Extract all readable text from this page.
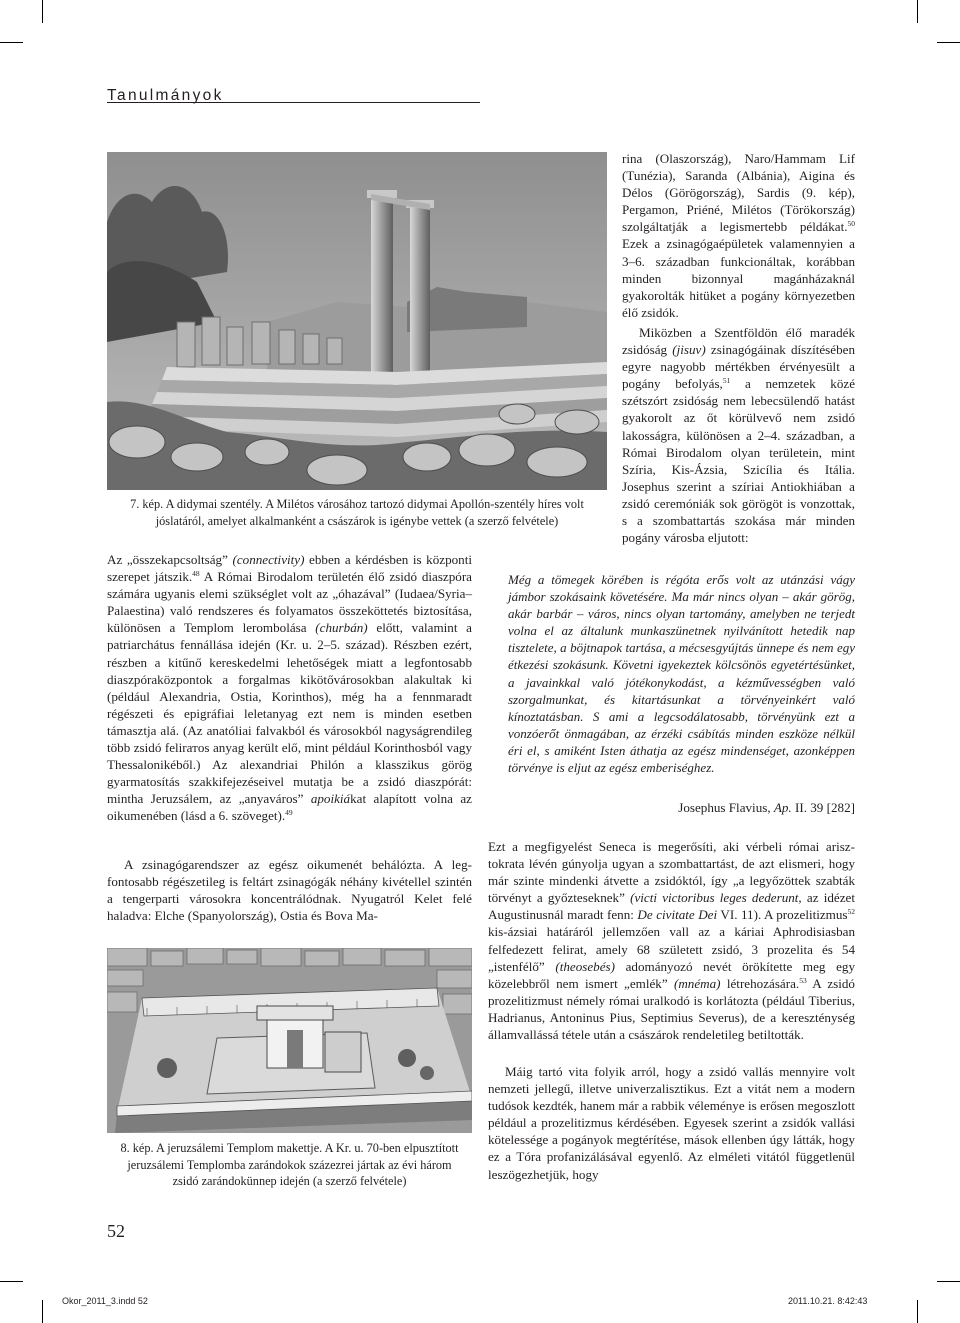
Tanulmányok
7. kép. A didymai szentély. A Milétos városához tartozó didymai Apollón-szentély híres volt
jóslatáról, amelyet alkalmanként a császárok is igénybe vettek (a szerző felvétele)
rina (Olaszország), Naro/Hammam Lif (Tunézia), Saranda (Albánia), Aigina és Délos (Görögország), Sardis (9. kép), Pergamon, Priéné, Milétos (Törökország) szolgáltatják a legismertebb példákat.$^{50}$ Ezek a zsinagógaépületek valamennyien a 3–6. században funkcionáltak, korábban minden bizonnyal magánházaknál gyakorolták hitüket a pogány környezetben élő zsidók.
Miközben a Szentföldön élő maradék zsidóság (jisuv) zsinagógáinak díszítésében egyre nagyobb mértékben érvényesült a pogány befolyás,$^{51}$ a nemzetek közé szétszórt zsidóság nem lebecsülendő hatást gyakorolt az őt körülvevő nem zsidó lakosságra, különösen a 2–4. században, a Római Birodalom olyan területein, mint Szíria, Kis-Ázsia, Szicília és Itália. Josephus szerint a szíriai Antiokhiában a zsidó ceremóniák sok görögöt is vonzottak, s a szombattartás szokása már minden pogány városba eljutott:
Az „összekapcsoltság” (connectivity) ebben a kérdésben is központi szerepet játszik.$^{48}$ A Római Birodalom területén élő zsidó diaszpóra számára ugyanis elemi szükséglet volt az „óhazával” (Iudaea/Syria–Palaestina) való rendszeres és folyamatos összeköttetés biztosítása, különösen a Templom lerombolása (churbán) előtt, valamint a patriarchátus fennállása idején (Kr. u. 2–5. század). Részben ezért, részben a kitűnő kereskedelmi lehetőségek miatt a legfontosabb diaszpóraközpontok a forgalmas kikötővárosokban alakultak ki (például Alexandria, Ostia, Korinthos), még ha a fennmaradt régészeti és epigráfiai leletanyag ezt nem is minden esetben támasztja alá. (Az anatóliai falvakból és városokból nagyságrendileg több zsidó felirатos anyag került elő, mint például Korinthosból vagy Thessalonikéből.) Az alexandriai Philón a klasszikus görög gyarmatosítás szakkifejezéseivel mutatja be a zsidó diaszpórát: mintha Jeruzsálem, az „anyaváros” apoikiákat alapított volna az oikumenében (lásd a 6. szöveget).$^{49}$
A zsinagógarendszer az egész oikumenét behálózta. A legfontosabb régészetileg is feltárt zsinagógák néhány kivétellel szintén a tengerparti városokra koncentrálódnak. Nyugatról Kelet felé haladva: Elche (Spanyolország), Ostia és Bova Ma-
Még a tömegek körében is régóta erős volt az utánzási vágy jámbor szokásaink követésére. Ma már nincs olyan – akár görög, akár barbár – város, nincs olyan tartomány, amelyben ne terjedt volna el az általunk munkaszünetnek nyilvánított hetedik nap tisztelete, a böjtnapok tartása, a mécsesgyújtás ünnepe és nem egy étkezési szokásunk. Követni igyekeztek kölcsönös egyetértésünket, a javainkkal való jótékonykodást, a kézművességben való szorgalmunkat, és kitartásunkat a törvényeinkért való kínoztatásban. S ami a legcsodálatosabb, törvényünk ezt a vonzóerőt önmagában, az érzéki csábítás minden eszköze nélkül éri el, s amiként Isten áthatja az egész mindenséget, azonképpen törvénye is eljut az egész emberiséghez.
Josephus Flavius, Ap. II. 39 [282]
8. kép. A jeruzsálemi Templom makettje. A Kr. u. 70-ben elpusztított
jeruzsálemi Templomba zarándokok százezrei jártak az évi három
zsidó zarándokünnep idején (a szerző felvétele)
Ezt a megfigyelést Seneca is megerősíti, aki vérbeli római arisztokrata lévén gúnyolja ugyan a szombattartást, de azt elismeri, hogy már szinte mindenki átvette a zsidóktól, így „a legyőzöttek szabták törvényt a győzteseknek” (victi victoribus leges dederunt, az idézet Augustinusnál maradt fenn: De civitate Dei VI. 11). A prozelitizmus$^{52}$ kis-ázsiai határáról jellemzően vall az a káriai Aphrodisiasban felfedezett felirat, amely 68 született zsidó, 3 prozelita és 54 „istenfélő” (theosebés) adományozó nevét örökítette meg egy közelebbről nem ismert „emlék” (mnéma) létrehozására.$^{53}$ A zsidó prozelitizmust némely római uralkodó is korlátozta (például Tiberius, Hadrianus, Antoninus Pius, Septimius Severus), de a kereszténység államvallássá tétele után a császárok rendeletileg betiltották.
Máig tartó vita folyik arról, hogy a zsidó vallás mennyire volt nemzeti jellegű, illetve univerzalisztikus. Ezt a vitát nem a modern tudósok kezdték, hanem már a rabbik véleménye is erősen megoszlott például a prozelitizmus kérdésében. Egyesek szerint a zsidók vallási kötelessége a pogányok megtérítése, mások ellenben úgy látták, hogy ez a Tóra profanizálásával egyenlő. Az elméleti vitától függetlenül leszögezhetjük, hogy
52
Okor_2011_3.indd 52	2011.10.21. 8:42:43
